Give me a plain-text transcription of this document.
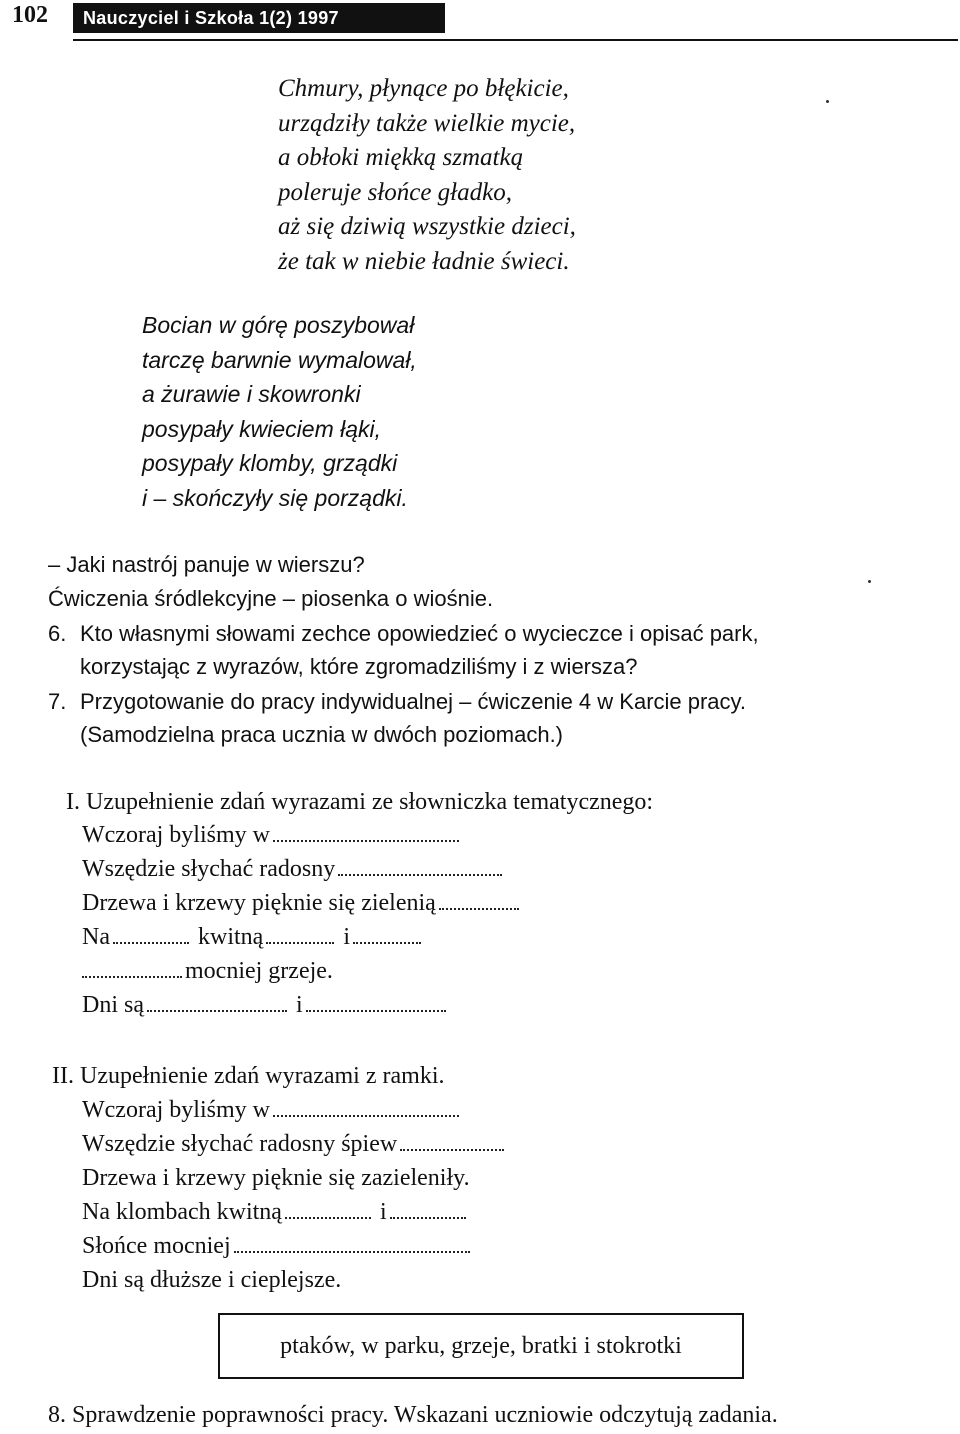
102	Nauczyciel i Szkoła 1(2) 1997
Chmury, płynące po błękicie,
urządziły także wielkie mycie,
a obłoki miękką szmatką
poleruje słońce gładko,
aż się dziwią wszystkie dzieci,
że tak w niebie ładnie świeci.
Bocian w górę poszybował
tarczę barwnie wymalował,
a żurawie i skowronki
posypały kwieciem łąki,
posypały klomby, grządki
i – skończyły się porządki.
– Jaki nastrój panuje w wierszu?
Ćwiczenia śródlekcyjne – piosenka o wiośnie.
6. Kto własnymi słowami zechce opowiedzieć o wycieczce i opisać park,
korzystając z wyrazów, które zgromadziliśmy i z wiersza?
7. Przygotowanie do pracy indywidualnej – ćwiczenie 4 w Karcie pracy.
(Samodzielna praca ucznia w dwóch poziomach.)
I. Uzupełnienie zdań wyrazami ze słowniczka tematycznego:
Wczoraj byliśmy w
Wszędzie słychać radosny
Drzewa i krzewy pięknie się zielenią
Na	kwitną	i
mocniej grzeje.
Dni są	i
II. Uzupełnienie zdań wyrazami z ramki.
Wczoraj byliśmy w
Wszędzie słychać radosny śpiew
Drzewa i krzewy pięknie się zazieleniły.
Na klombach kwitną	i
Słońce mocniej
Dni są dłuższe i cieplejsze.
ptaków, w parku, grzeje, bratki i stokrotki
8. Sprawdzenie poprawności pracy. Wskazani uczniowie odczytują zadania.
